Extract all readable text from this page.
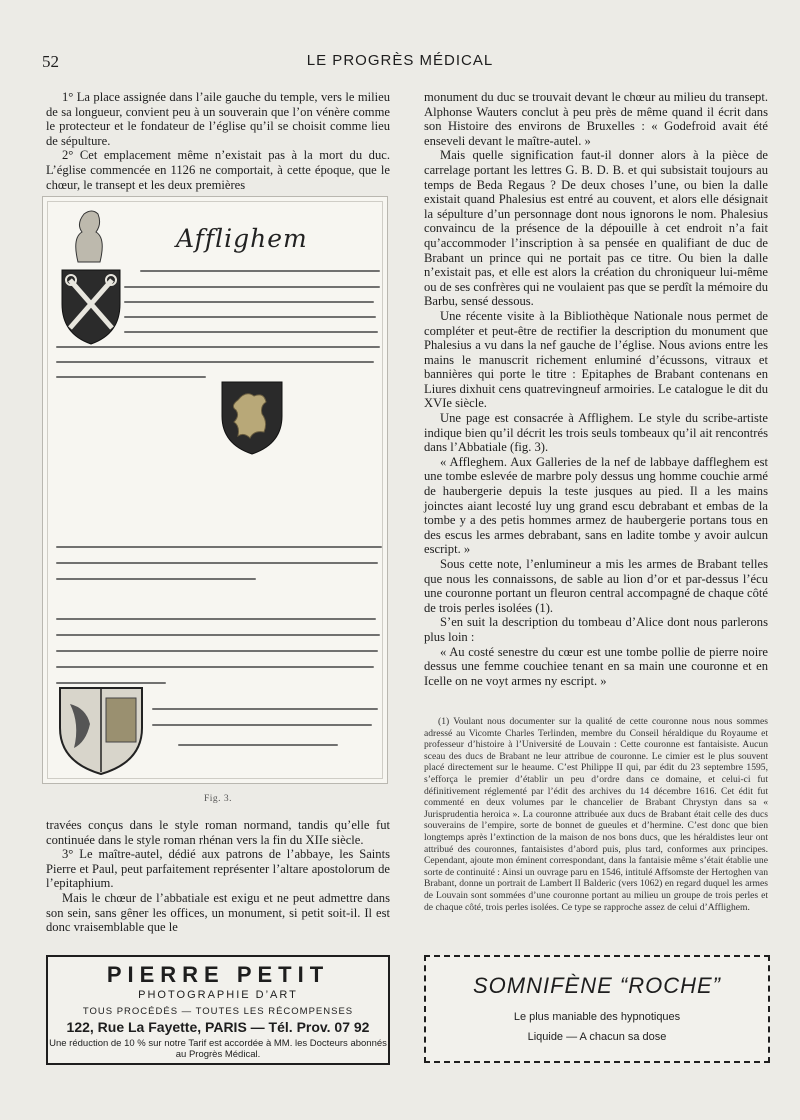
52	LE PROGRÈS MÉDICAL

1° La place assignée dans l’aile gauche du temple, vers le milieu de sa longueur, convient peu à un souverain que l’on vénère comme le protecteur et le fondateur de l’église qu’il se choisit comme lieu de sépulture.

2° Cet emplacement même n’existait pas à la mort du duc. L’église commencée en 1126 ne comportait, à cette époque, que le chœur, le transept et les deux premières

Afflighem
Fig. 3.

travées conçus dans le style roman normand, tandis qu’elle fut continuée dans le style roman rhénan vers la fin du XIIe siècle.

3° Le maître-autel, dédié aux patrons de l’abbaye, les Saints Pierre et Paul, peut parfaitement représenter l’altare apostolorum de l’epitaphium.

Mais le chœur de l’abbatiale est exigu et ne peut admettre dans son sein, sans gêner les offices, un monument, si petit soit-il. Il est donc vraisemblable que le

monument du duc se trouvait devant le chœur au milieu du transept. Alphonse Wauters conclut à peu près de même quand il écrit dans son Histoire des environs de Bruxelles : « Godefroid avait été enseveli devant le maître-autel. »

Mais quelle signification faut-il donner alors à la pièce de carrelage portant les lettres G. B. D. B. et qui subsistait toujours au temps de Beda Regaus ? De deux choses l’une, ou bien la dalle existait quand Phalesius est entré au couvent, et alors elle désignait la sépulture d’un personnage dont nous ignorons le nom. Phalesius convaincu de la présence de la dépouille à cet endroit n’a fait qu’accommoder l’inscription à sa pensée en qualifiant de duc de Brabant un prince qui ne portait pas ce titre. Ou bien la dalle n’existait pas, et elle est alors la création du chroniqueur lui-même ou de ses confrères qui ne voulaient pas que se perdît la mémoire du Barbu, sensé dessous.

Une récente visite à la Bibliothèque Nationale nous permet de compléter et peut-être de rectifier la description du monument que Phalesius a vu dans la nef gauche de l’église. Nous avions entre les mains le manuscrit richement enluminé d’écussons, vitraux et bannières qui porte le titre : Epitaphes de Brabant contenans en Liures dixhuit cens quatrevingneuf armoiries. Le catalogue le dit du XVIe siècle.

Une page est consacrée à Afflighem. Le style du scribe-artiste indique bien qu’il décrit les trois seuls tombeaux qu’il ait rencontrés dans l’Abbatiale (fig. 3).

« Affleghem. Aux Galleries de la nef de labbaye daffleghem est une tombe eslevée de marbre poly dessus ung homme couchie armé de haubergerie depuis la teste jusques au pied. Il a les mains joinctes aiant lecosté luy ung grand escu debrabant et embas de la tombe y a des petis hommes armez de haubergerie portans tous en des escus les armes debrabant, sans en ladite tombe y avoir aulcun escript. »

Sous cette note, l’enlumineur a mis les armes de Brabant telles que nous les connaissons, de sable au lion d’or et par-dessus l’écu une couronne portant un fleuron central accompagné de chaque côté de trois perles isolées (1).

S’en suit la description du tombeau d’Alice dont nous parlerons plus loin :

« Au costé senestre du cœur est une tombe pollie de pierre noire dessus une femme couchiee tenant en sa main une couronne et en Icelle on ne voyt armes ny escript. »

(1) Voulant nous documenter sur la qualité de cette couronne nous nous sommes adressé au Vicomte Charles Terlinden, membre du Conseil héraldique du Royaume et professeur d’histoire à l’Université de Louvain : Cette couronne est fantaisiste. Aucun sceau des ducs de Brabant ne leur attribue de couronne. Le cimier est le plus souvent placé directement sur le heaume. C’est Philippe II qui, par édit du 23 septembre 1595, s’efforça le premier d’établir un peu d’ordre dans ce domaine, et celui-ci fut définitivement réglementé par l’édit des archives du 14 décembre 1616. Cet édit fut commenté en deux volumes par le chancelier de Brabant Chrystyn dans sa « Jurisprudentia heroica ». La couronne attribuée aux ducs de Brabant était celle des ducs souverains de l’empire, sorte de bonnet de gueules et d’hermine. C’est donc que bien longtemps après l’extinction de la maison de nos bons ducs, que les héraldistes leur ont attribué des couronnes, fantaisistes d’abord puis, plus tard, conformes aux principes. Cependant, ajoute mon éminent correspondant, dans la fantaisie même s’était établie une sorte de continuité : Ainsi un ouvrage paru en 1546, intitulé Affsomste der Hertoghen van Brabant, donne un portrait de Lambert II Balderic (vers 1062) en regard duquel les armes de Louvain sont sommées d’une couronne portant au milieu un groupe de trois perles et de chaque côté, trois perles isolées. Ce type se rapproche assez de celui d’Afflighem.

PIERRE PETIT
PHOTOGRAPHIE D’ART
TOUS PROCÉDÉS — TOUTES LES RÉCOMPENSES
122, Rue La Fayette, PARIS — Tél. Prov. 07 92
Une réduction de 10 % sur notre Tarif est accordée à MM. les Docteurs abonnés au Progrès Médical.
SOMNIFÈNE “ROCHE”
Le plus maniable des hypnotiques
Liquide — A chacun sa dose
